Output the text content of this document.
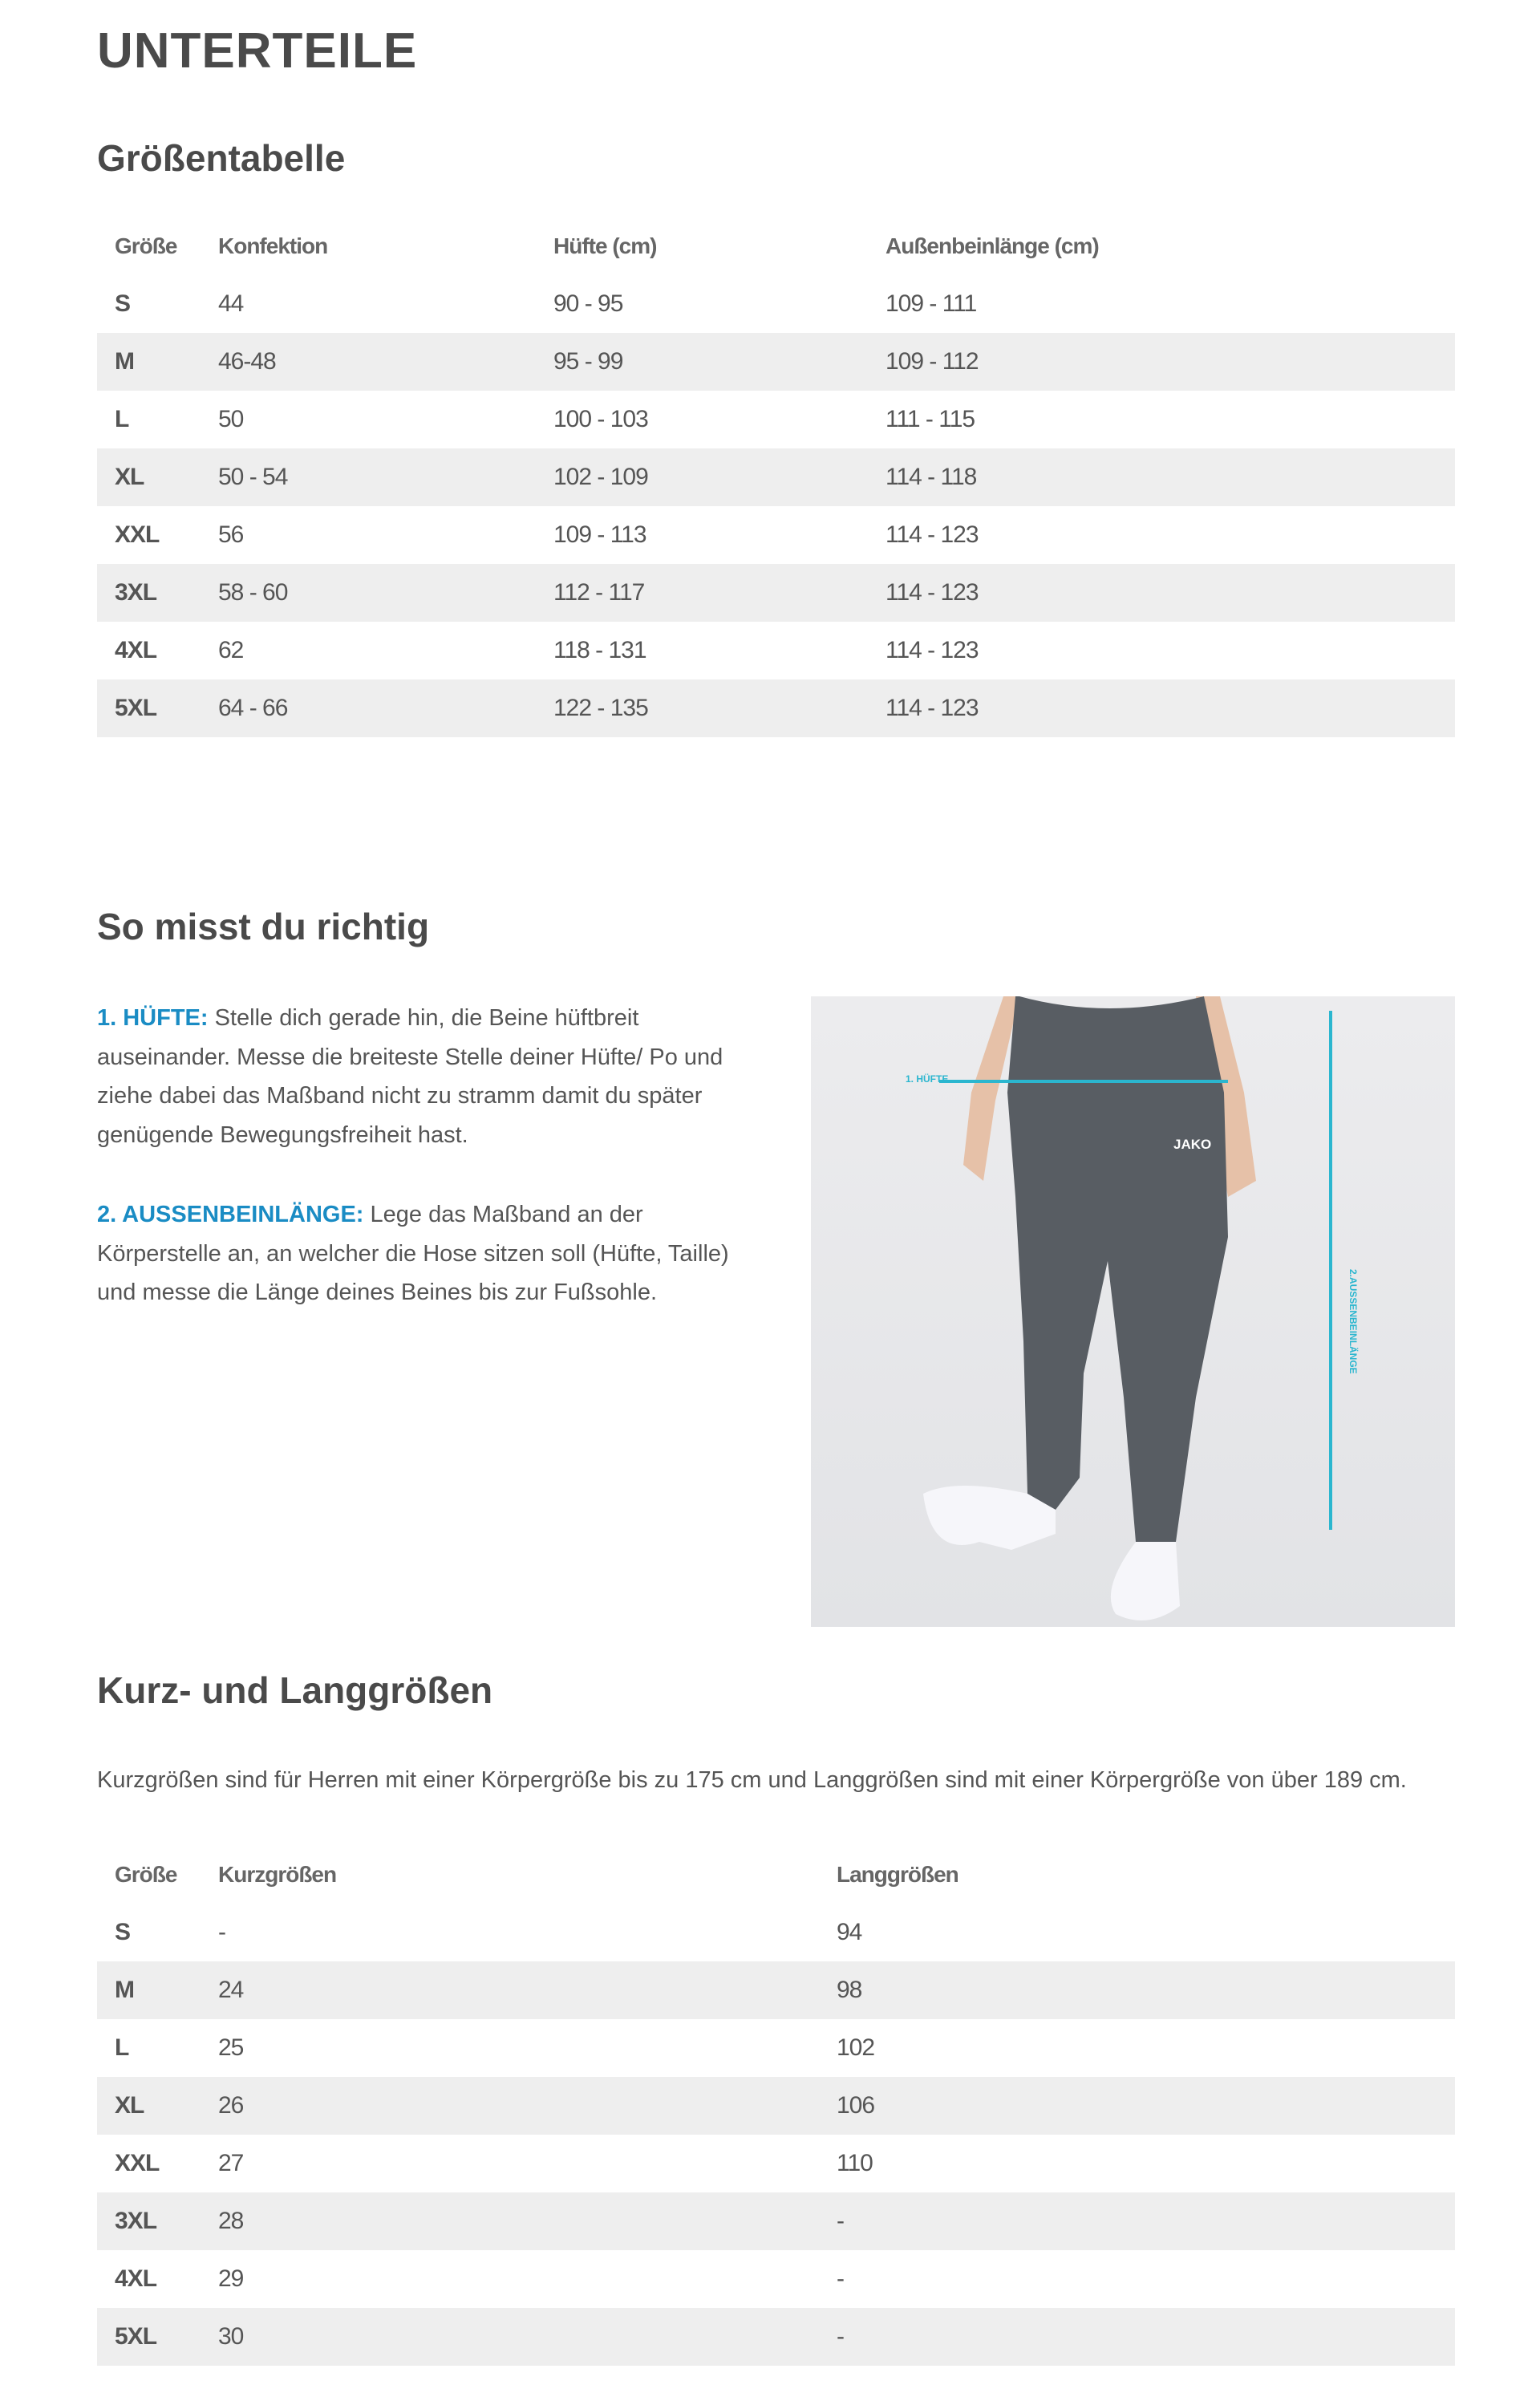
UNTERTEILE
Größentabelle
Größe Konfektion	Hüfte (cm)	Außenbeinlänge (cm)
S	44	90 - 95	109 - 111
M	46-48	95 - 99	109 - 112
L	50	100 - 103	111 - 115
XL	50 - 54	102 - 109	114 - 118
XXL 56	109 - 113	114 - 123
3XL	58 - 60	112 - 117	114 - 123
4XL	62	118 - 131	114 - 123
5XL	64 - 66	122 - 135	114 - 123
So misst du richtig

1. HÜFTE: Stelle dich gerade hin, die Beine hüftbreit auseinander. Messe die breiteste Stelle deiner Hüfte/ Po und ziehe dabei das Maßband nicht zu stramm damit du später genügende Bewegungsfreiheit hast.

2. AUSSENBEINLÄNGE: Lege das Maßband an der Körperstelle an, an welcher die Hose sitzen soll (Hüfte, Taille) und messe die Länge deines Beines bis zur Fußsohle.

1. HÜFTE
JAKO
2.AUSSENBEINLÄNGE
Kurz- und Langgrößen

Kurzgrößen sind für Herren mit einer Körpergröße bis zu 175 cm und Langgrößen sind mit einer Körpergröße von über 189 cm.

Größe Kurzgrößen	Langgrößen
S	-	94
M	24	98
L	25	102
XL	26	106
XXL 27	110
3XL	28	-
4XL	29	-
5XL	30	-
